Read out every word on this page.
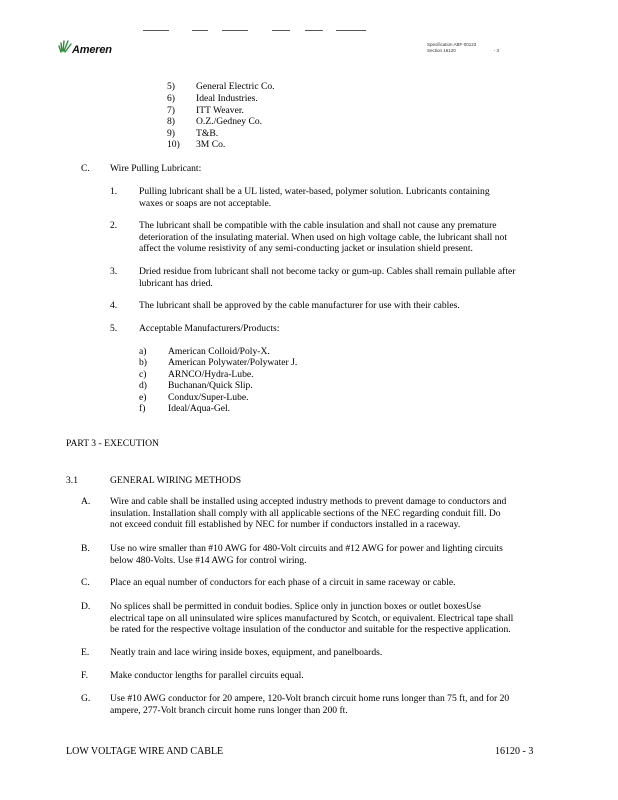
Ameren	Specification ABF-00123
Section 16120	- 3
5) General Electric Co.
6) Ideal Industries.
7) ITT Weaver.
8) O.Z./Gedney Co.
9) T&B.
10) 3M Co.
C. Wire Pulling Lubricant:
1. Pulling lubricant shall be a UL listed, water-based, polymer solution. Lubricants containing
waxes or soaps are not acceptable.
2. The lubricant shall be compatible with the cable insulation and shall not cause any premature
deterioration of the insulating material. When used on high voltage cable, the lubricant shall not
affect the volume resistivity of any semi-conducting jacket or insulation shield present.
3. Dried residue from lubricant shall not become tacky or gum-up. Cables shall remain pullable after
lubricant has dried.
4. The lubricant shall be approved by the cable manufacturer for use with their cables.
5. Acceptable Manufacturers/Products:
a) American Colloid/Poly-X.
b) American Polywater/Polywater J.
c) ARNCO/Hydra-Lube.
d) Buchanan/Quick Slip.
e) Condux/Super-Lube.
f) Ideal/Aqua-Gel.
PART 3 - EXECUTION
3.1	GENERAL WIRING METHODS
A. Wire and cable shall be installed using accepted industry methods to prevent damage to conductors and
insulation. Installation shall comply with all applicable sections of the NEC regarding conduit fill. Do
not exceed conduit fill established by NEC for number if conductors installed in a raceway.
B. Use no wire smaller than #10 AWG for 480-Volt circuits and #12 AWG for power and lighting circuits
below 480-Volts. Use #14 AWG for control wiring.
C. Place an equal number of conductors for each phase of a circuit in same raceway or cable.
D. No splices shall be permitted in conduit bodies. Splice only in junction boxes or outlet boxesUse
electrical tape on all uninsulated wire splices manufactured by Scotch, or equivalent. Electrical tape shall
be rated for the respective voltage insulation of the conductor and suitable for the respective application.
E. Neatly train and lace wiring inside boxes, equipment, and panelboards.
F. Make conductor lengths for parallel circuits equal.
G. Use #10 AWG conductor for 20 ampere, 120-Volt branch circuit home runs longer than 75 ft, and for 20
ampere, 277-Volt branch circuit home runs longer than 200 ft.
LOW VOLTAGE WIRE AND CABLE	16120 - 3
